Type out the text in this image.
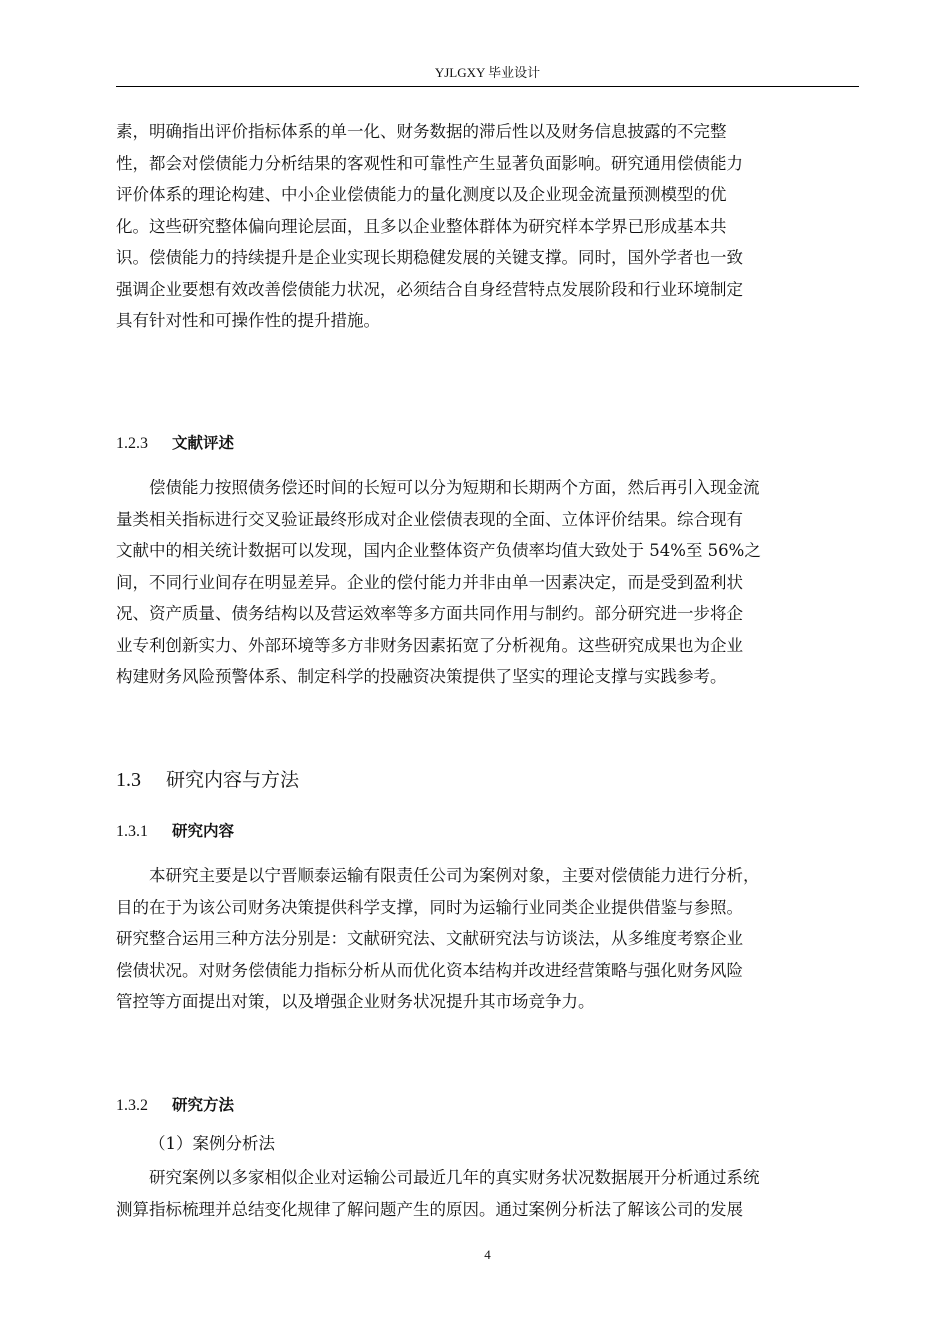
YJLGXY 毕业设计
素，明确指出评价指标体系的单一化、财务数据的滞后性以及财务信息披露的不完整
性，都会对偿债能力分析结果的客观性和可靠性产生显著负面影响。研究通用偿债能力
评价体系的理论构建、中小企业偿债能力的量化测度以及企业现金流量预测模型的优
化。这些研究整体偏向理论层面，且多以企业整体群体为研究样本学界已形成基本共
识。偿债能力的持续提升是企业实现长期稳健发展的关键支撑。同时，国外学者也一致
强调企业要想有效改善偿债能力状况，必须结合自身经营特点发展阶段和行业环境制定
具有针对性和可操作性的提升措施。
1.2.3 文献评述
偿债能力按照债务偿还时间的长短可以分为短期和长期两个方面，然后再引入现金流
量类相关指标进行交叉验证最终形成对企业偿债表现的全面、立体评价结果。综合现有
文献中的相关统计数据可以发现，国内企业整体资产负债率均值大致处于 54%至 56%之
间，不同行业间存在明显差异。企业的偿付能力并非由单一因素决定，而是受到盈利状
况、资产质量、债务结构以及营运效率等多方面共同作用与制约。部分研究进一步将企
业专利创新实力、外部环境等多方非财务因素拓宽了分析视角。这些研究成果也为企业
构建财务风险预警体系、制定科学的投融资决策提供了坚实的理论支撑与实践参考。
1.3 研究内容与方法
1.3.1 研究内容
本研究主要是以宁晋顺泰运输有限责任公司为案例对象，主要对偿债能力进行分析，
目的在于为该公司财务决策提供科学支撑，同时为运输行业同类企业提供借鉴与参照。
研究整合运用三种方法分别是：文献研究法、文献研究法与访谈法，从多维度考察企业
偿债状况。对财务偿债能力指标分析从而优化资本结构并改进经营策略与强化财务风险
管控等方面提出对策，以及增强企业财务状况提升其市场竞争力。
1.3.2 研究方法
（1）案例分析法
研究案例以多家相似企业对运输公司最近几年的真实财务状况数据展开分析通过系统
测算指标梳理并总结变化规律了解问题产生的原因。通过案例分析法了解该公司的发展
4
